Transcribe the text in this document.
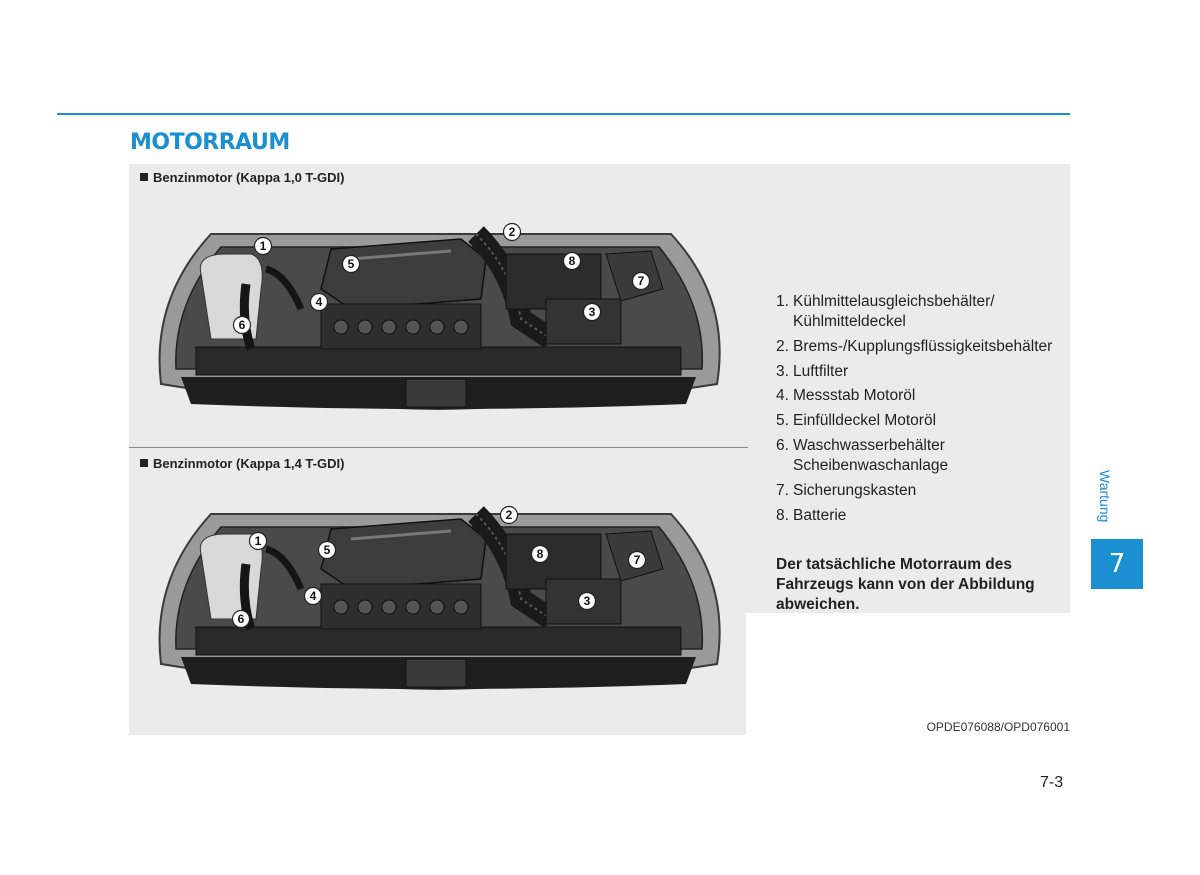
MOTORRAUM
Benzinmotor (Kappa 1,0 T-GDI)
1
2
3
4
5
6
7
8
Benzinmotor (Kappa 1,4 T-GDI)
1
2
3
4
5
6
7
8
1. Kühlmittelausgleichsbehälter/ Kühlmitteldeckel
2. Brems-/Kupplungsflüssigkeitsbehälter
3. Luftfilter
4. Messstab Motoröl
5. Einfülldeckel Motoröl
6. Waschwasserbehälter Scheibenwaschanlage
7. Sicherungskasten
8. Batterie
Der tatsächliche Motorraum des Fahrzeugs kann von der Abbildung abweichen.
OPDE076088/OPD076001
Wartung
7
7-3
